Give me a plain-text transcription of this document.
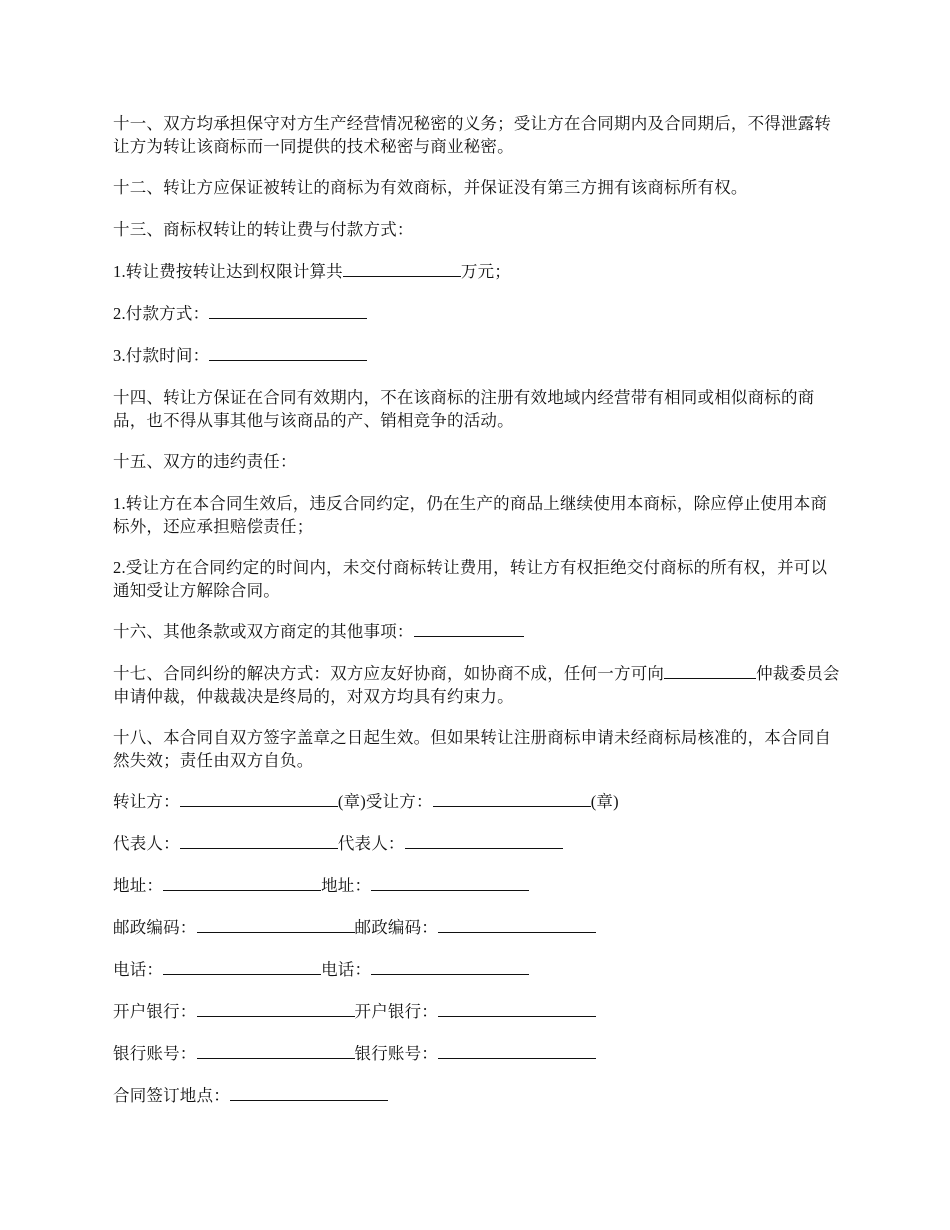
十一、双方均承担保守对方生产经营情况秘密的义务；受让方在合同期内及合同期后，不得泄露转让方为转让该商标而一同提供的技术秘密与商业秘密。

十二、转让方应保证被转让的商标为有效商标，并保证没有第三方拥有该商标所有权。

十三、商标权转让的转让费与付款方式：

1.转让费按转让达到权限计算共	万元；

2.付款方式：

3.付款时间：

十四、转让方保证在合同有效期内，不在该商标的注册有效地域内经营带有相同或相似商标的商品，也不得从事其他与该商品的产、销相竞争的活动。

十五、双方的违约责任：

1.转让方在本合同生效后，违反合同约定，仍在生产的商品上继续使用本商标，除应停止使用本商标外，还应承担赔偿责任；

2.受让方在合同约定的时间内，未交付商标转让费用，转让方有权拒绝交付商标的所有权，并可以通知受让方解除合同。

十六、其他条款或双方商定的其他事项：

十七、合同纠纷的解决方式：双方应友好协商，如协商不成，任何一方可向	仲裁委员会申请仲裁，仲裁裁决是终局的，对双方均具有约束力。

十八、本合同自双方签字盖章之日起生效。但如果转让注册商标申请未经商标局核准的，本合同自然失效；责任由双方自负。

转让方：	(章)受让方：	(章)

代表人：	代表人：

地址：	地址：

邮政编码：	邮政编码：

电话：	电话：

开户银行：	开户银行：

银行账号：	银行账号：

合同签订地点：
